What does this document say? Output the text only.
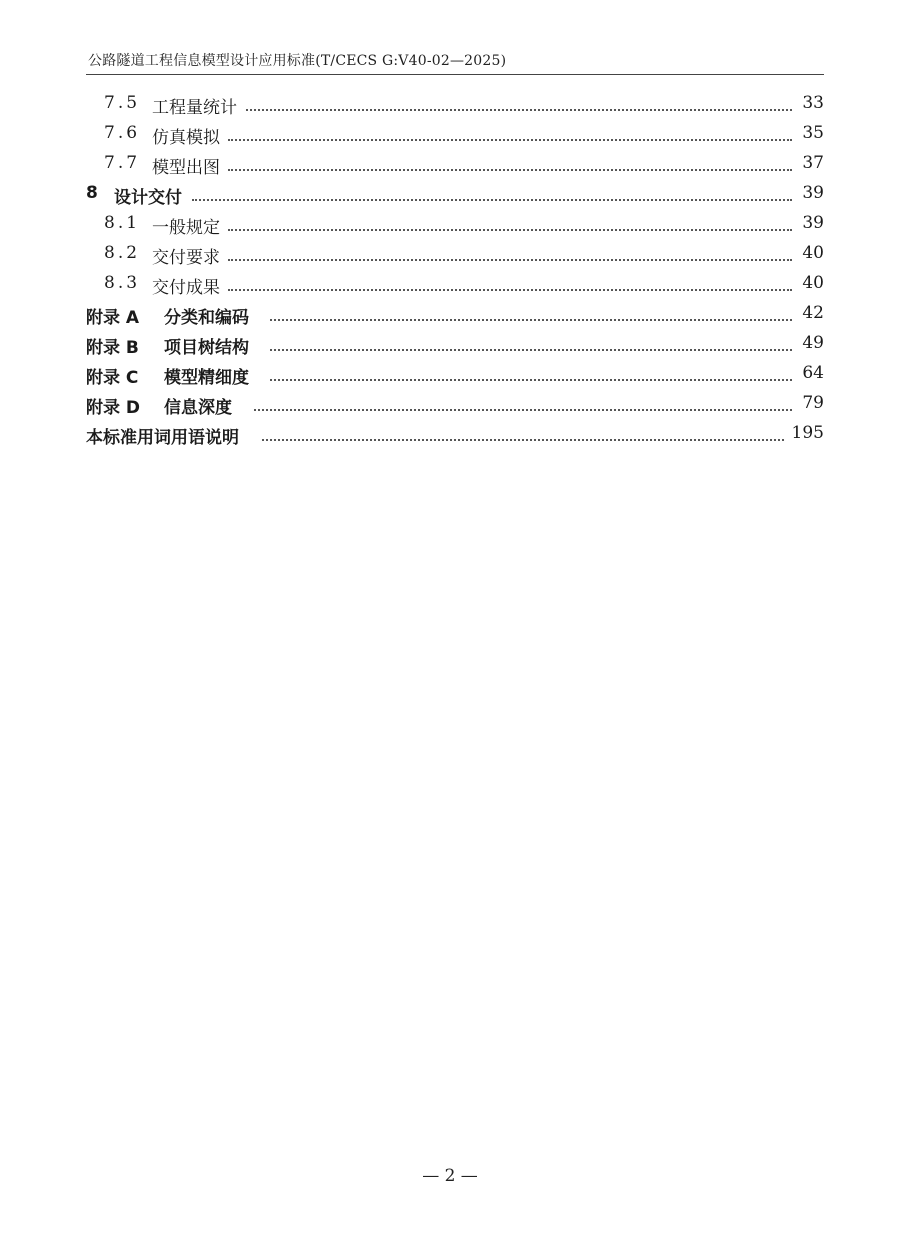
公路隧道工程信息模型设计应用标准(T/CECS G:V40-02—2025)
7.5 工程量统计	33
7.6 仿真模拟	35
7.7 模型出图	37
8 设计交付	39
8.1 一般规定	39
8.2 交付要求	40
8.3 交付成果	40
附录 A 分类和编码	42
附录 B 项目树结构	49
附录 C 模型精细度	64
附录 D 信息深度	79
本标准用词用语说明	195
— 2 —
